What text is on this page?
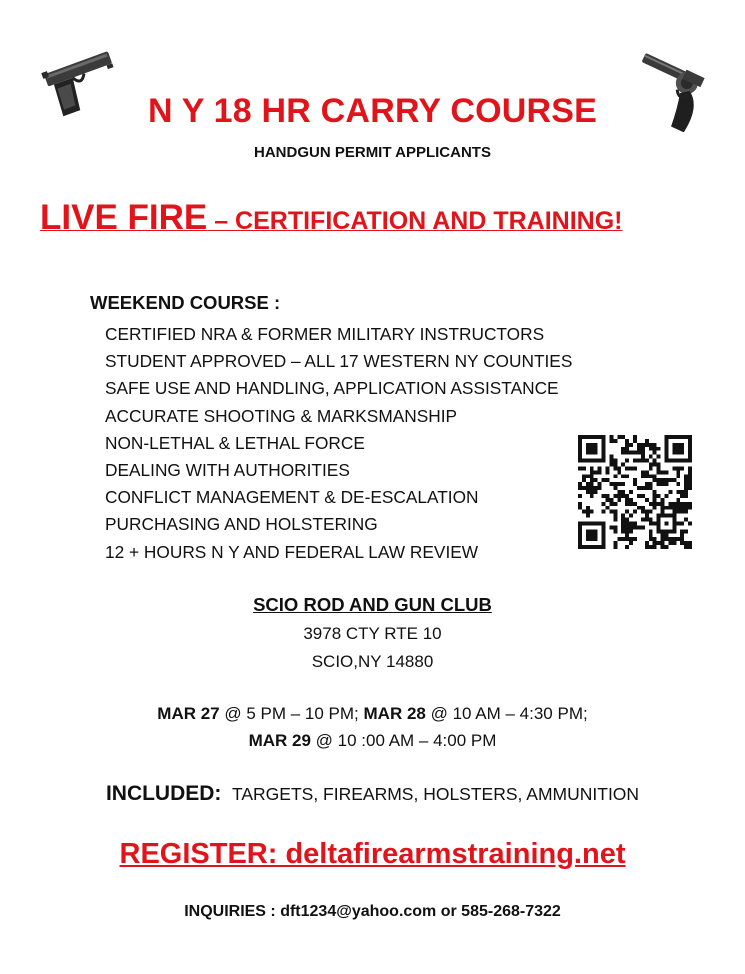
N Y 18 HR CARRY COURSE
HANDGUN PERMIT APPLICANTS
LIVE FIRE – CERTIFICATION AND TRAINING!
WEEKEND COURSE :
CERTIFIED NRA & FORMER MILITARY INSTRUCTORS
STUDENT APPROVED – ALL 17 WESTERN NY COUNTIES
SAFE USE AND HANDLING, APPLICATION ASSISTANCE
ACCURATE SHOOTING & MARKSMANSHIP
NON-LETHAL & LETHAL FORCE
DEALING WITH AUTHORITIES
CONFLICT MANAGEMENT & DE-ESCALATION
PURCHASING AND HOLSTERING
12 + HOURS N Y AND FEDERAL LAW REVIEW
SCIO ROD AND GUN CLUB
3978 CTY RTE 10
SCIO,NY 14880
MAR 27 @ 5 PM – 10 PM; MAR 28 @ 10 AM – 4:30 PM;
MAR 29 @ 10 :00 AM – 4:00 PM
INCLUDED: TARGETS, FIREARMS, HOLSTERS, AMMUNITION
REGISTER: deltafirearmstraining.net
INQUIRIES : dft1234@yahoo.com or 585-268-7322
